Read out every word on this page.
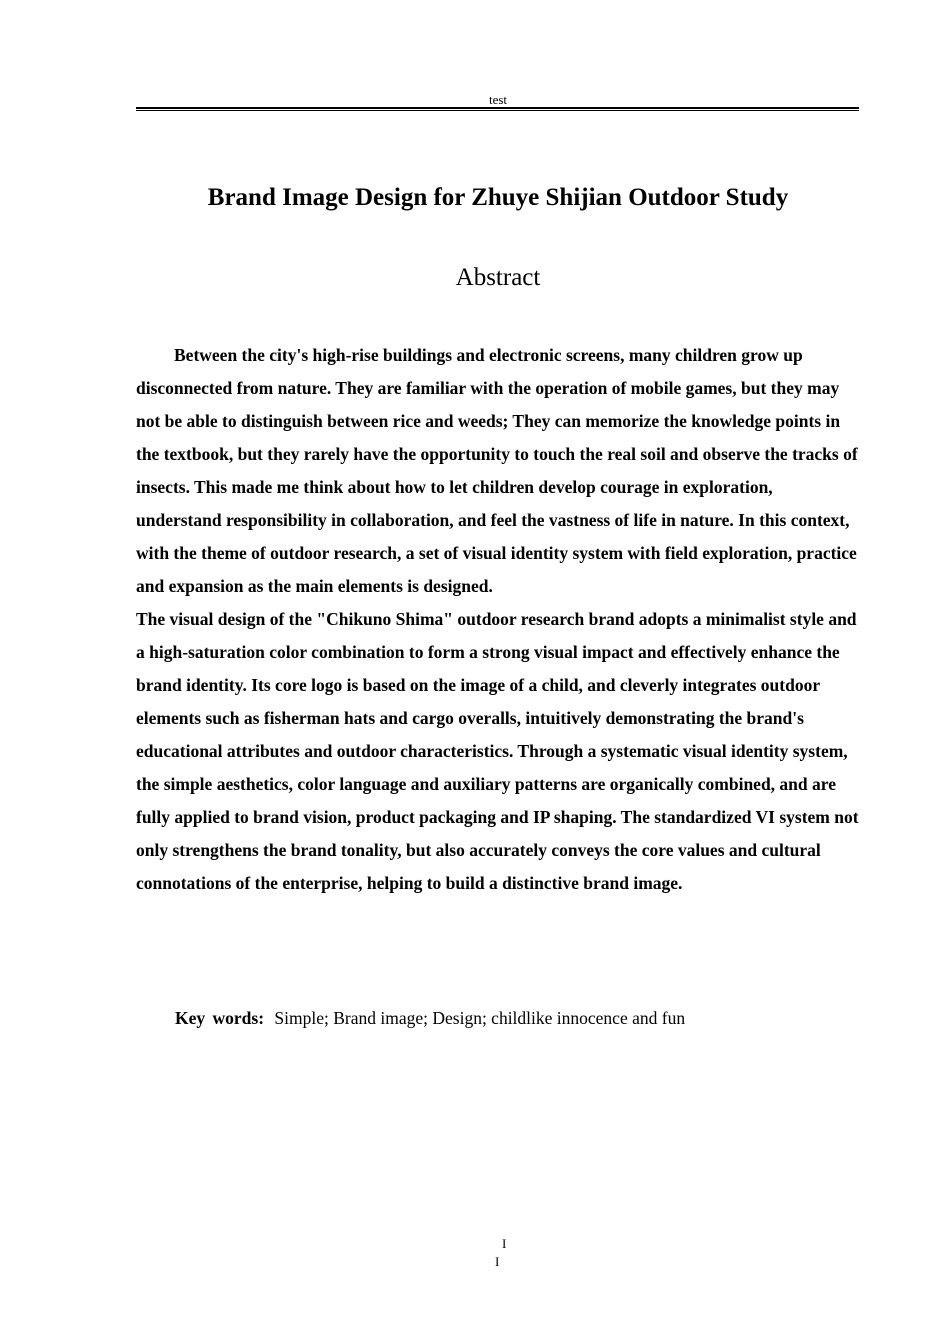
test
Brand Image Design for Zhuye Shijian Outdoor Study
Abstract

Between the city's high-rise buildings and electronic screens, many children grow up disconnected from nature. They are familiar with the operation of mobile games, but they may not be able to distinguish between rice and weeds; They can memorize the knowledge points in the textbook, but they rarely have the opportunity to touch the real soil and observe the tracks of insects. This made me think about how to let children develop courage in exploration, understand responsibility in collaboration, and feel the vastness of life in nature. In this context, with the theme of outdoor research, a set of visual identity system with field exploration, practice and expansion as the main elements is designed.

The visual design of the "Chikuno Shima" outdoor research brand adopts a minimalist style and a high-saturation color combination to form a strong visual impact and effectively enhance the brand identity. Its core logo is based on the image of a child, and cleverly integrates outdoor elements such as fisherman hats and cargo overalls, intuitively demonstrating the brand's educational attributes and outdoor characteristics. Through a systematic visual identity system, the simple aesthetics, color language and auxiliary patterns are organically combined, and are fully applied to brand vision, product packaging and IP shaping. The standardized VI system not only strengthens the brand tonality, but also accurately conveys the core values and cultural connotations of the enterprise, helping to build a distinctive brand image.

Key words: Simple; Brand image; Design; childlike innocence and fun
I
I
